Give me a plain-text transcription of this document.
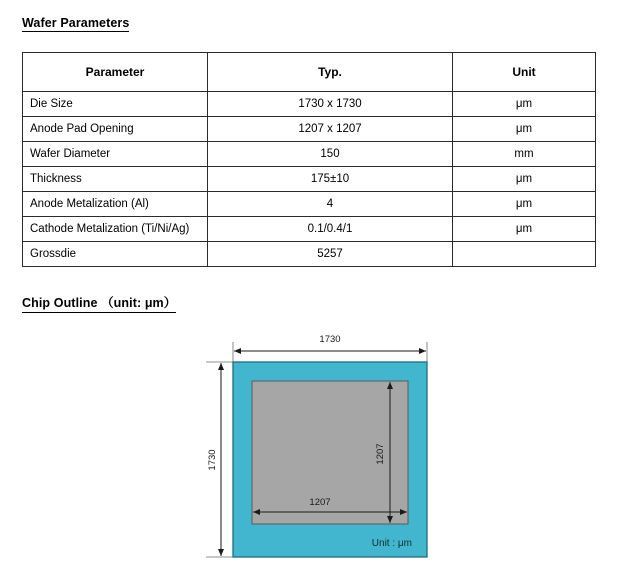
Wafer Parameters
Parameter	Typ.	Unit
Die Size	1730 x 1730	μm
Anode Pad Opening	1207 x 1207	μm
Wafer Diameter	150	mm
Thickness	175±10	μm
Anode Metalization (Al)	4	μm
Cathode Metalization (Ti/Ni/Ag)	0.1/0.4/1	μm
Grossdie	5257	
Chip Outline （unit: μm）
1730
1730	1207
1207
Unit : μm
